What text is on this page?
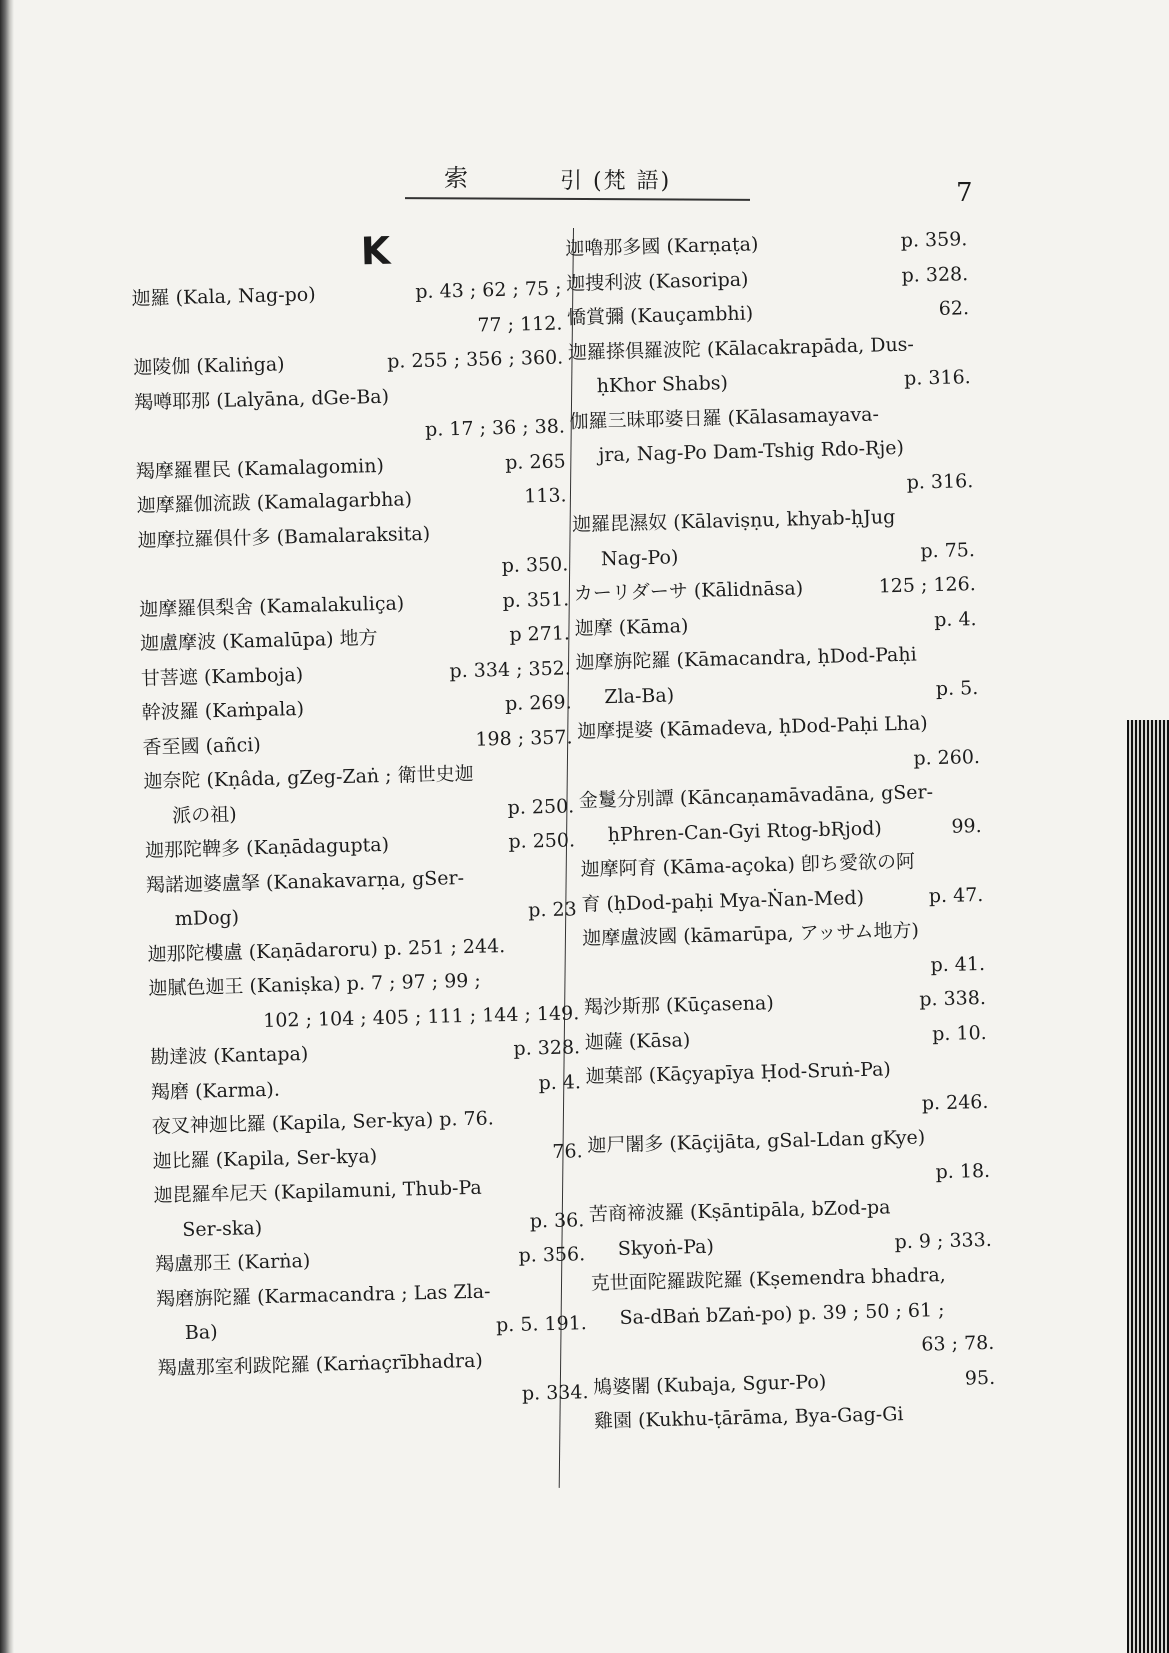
索	引 (梵 語)	7
K
迦羅 (Kala, Nag-po)	p. 43 ; 62 ; 75 ;
77 ; 112.
迦陵伽 (Kaliṅga)	p. 255 ; 356 ; 360.
羯噂耶那 (Lalyāna, dGe-Ba)
p. 17 ; 36 ; 38.
羯摩羅瞿民 (Kamalagomin)	p. 265
迦摩羅伽流跋 (Kamalagarbha)	113.
迦摩拉羅倶什多 (Bamalaraksita)
p. 350.
迦摩羅倶梨舍 (Kamalakuliça)	p. 351.
迦盧摩波 (Kamalūpa) 地方	p 271.
甘菩遮 (Kamboja)	p. 334 ; 352.
幹波羅 (Kaṁpala)	p. 269.
香至國 (añci)	198 ; 357.
迦奈陀 (Kṇâda, gZeg-Zaṅ ; 衛世史迦
派の祖)	p. 250.
迦那陀鞞多 (Kaṇādagupta)	p. 250.
羯諾迦婆盧拏 (Kanakavarṇa, gSer-
mDog)	p. 23
迦那陀樓盧 (Kaṇādaroru) p. 251 ; 244.
迦膩色迦王 (Kaniṣka) p. 7 ; 97 ; 99 ;
102 ; 104 ; 405 ; 111 ; 144 ; 149.
勘達波 (Kantapa)	p. 328.
羯磨 (Karma).	p. 4.
夜叉神迦比羅 (Kapila, Ser-kya) p. 76.
迦比羅 (Kapila, Ser-kya)	76.
迦毘羅牟尼天 (Kapilamuni, Thub-Pa
Ser-ska)	p. 36.
羯盧那王 (Karṅa)	p. 356.
羯磨旃陀羅 (Karmacandra ; Las Zla-
Ba)	p. 5. 191.
羯盧那室利跋陀羅 (Karṅaçrībhadra)
p. 334.
迦嚕那多國 (Karṇaṭa)	p. 359.
迦捜利波 (Kasoripa)	p. 328.
憍賞彌 (Kauçambhi)	62.
迦羅搽倶羅波陀 (Kālacakrapāda, Dus-
ḥKhor Shabs)	p. 316.
伽羅三昧耶婆日羅 (Kālasamayava-
jra, Nag-Po Dam-Tshig Rdo-Rje)
p. 316.
迦羅毘濕奴 (Kālaviṣṇu, khyab-ḥJug
Nag-Po)	p. 75.
カーリダーサ (Kālidnāsa)	125 ; 126.
迦摩 (Kāma)	p. 4.
迦摩旃陀羅 (Kāmacandra, ḥDod-Paḥi
Zla-Ba)	p. 5.
迦摩提婆 (Kāmadeva, ḥDod-Paḥi Lha)
p. 260.
金鬘分別譚 (Kāncaṇamāvadāna, gSer-
ḥPhren-Can-Gyi Rtog-bRjod)	99.
迦摩阿育 (Kāma-açoka) 卽ち愛欲の阿
育 (ḥDod-paḥi Mya-Ṅan-Med)	p. 47.
迦摩盧波國 (kāmarūpa, アッサム地方)
p. 41.
羯沙斯那 (Kūçasena)	p. 338.
迦薩 (Kāsa)	p. 10.
迦葉部 (Kāçyapīya Ḥod-Sruṅ-Pa)
p. 246.
迦尸闍多 (Kāçijāta, gSal-Ldan gKye)
p. 18.
苦商禘波羅 (Kṣāntipāla, bZod-pa
Skyoṅ-Pa)	p. 9 ; 333.
克世面陀羅跋陀羅 (Kṣemendra bhadra,
Sa-dBaṅ bZaṅ-po) p. 39 ; 50 ; 61 ;
63 ; 78.
鳩婆闍 (Kubaja, Sgur-Po)	95.
雞園 (Kukhu-ṭārāma, Bya-Gag-Gi
